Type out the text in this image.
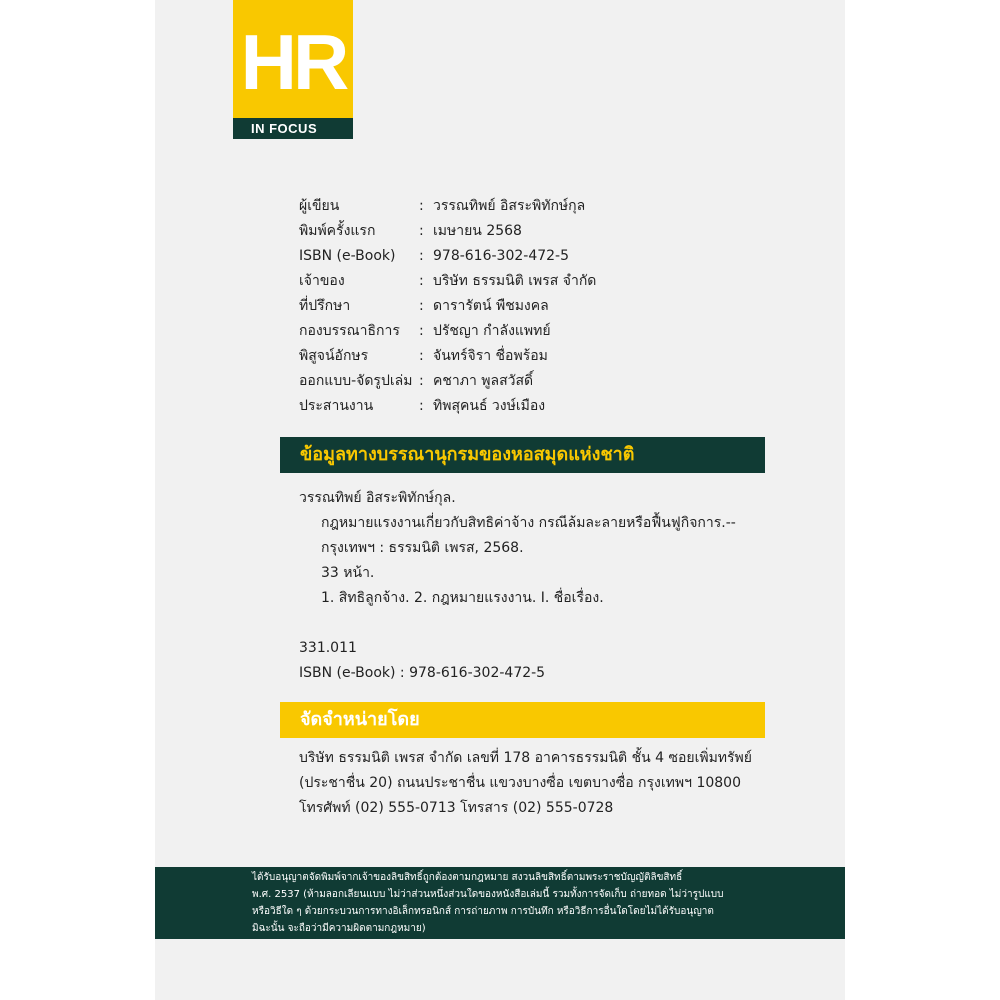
HR
IN FOCUS
ผู้เขียน	: วรรณทิพย์ อิสระพิทักษ์กุล
พิมพ์ครั้งแรก	: เมษายน 2568
ISBN (e-Book)	: 978-616-302-472-5
เจ้าของ	: บริษัท ธรรมนิติ เพรส จำกัด
ที่ปรึกษา	: ดารารัตน์ พืชมงคล
กองบรรณาธิการ	: ปรัชญา กำลังแพทย์
พิสูจน์อักษร	: จันทร์จิรา ชื่อพร้อม
ออกแบบ-จัดรูปเล่ม : คชาภา พูลสวัสดิ์
ประสานงาน	: ทิพสุคนธ์ วงษ์เมือง
ข้อมูลทางบรรณานุกรมของหอสมุดแห่งชาติ
วรรณทิพย์ อิสระพิทักษ์กุล.
กฎหมายแรงงานเกี่ยวกับสิทธิค่าจ้าง กรณีล้มละลายหรือฟื้นฟูกิจการ.--
กรุงเทพฯ : ธรรมนิติ เพรส, 2568.
33 หน้า.
1. สิทธิลูกจ้าง. 2. กฎหมายแรงงาน. I. ชื่อเรื่อง.
331.011
ISBN (e-Book) : 978-616-302-472-5
จัดจำหน่ายโดย
บริษัท ธรรมนิติ เพรส จำกัด เลขที่ 178 อาคารธรรมนิติ ชั้น 4 ซอยเพิ่มทรัพย์
(ประชาชื่น 20) ถนนประชาชื่น แขวงบางซื่อ เขตบางซื่อ กรุงเทพฯ 10800
โทรศัพท์ (02) 555-0713 โทรสาร (02) 555-0728
ได้รับอนุญาตจัดพิมพ์จากเจ้าของลิขสิทธิ์ถูกต้องตามกฎหมาย สงวนลิขสิทธิ์ตามพระราชบัญญัติลิขสิทธิ์
พ.ศ. 2537 (ห้ามลอกเลียนแบบ ไม่ว่าส่วนหนึ่งส่วนใดของหนังสือเล่มนี้ รวมทั้งการจัดเก็บ ถ่ายทอด ไม่ว่ารูปแบบ
หรือวิธีใด ๆ ด้วยกระบวนการทางอิเล็กทรอนิกส์ การถ่ายภาพ การบันทึก หรือวิธีการอื่นใดโดยไม่ได้รับอนุญาต
มิฉะนั้น จะถือว่ามีความผิดตามกฎหมาย)
